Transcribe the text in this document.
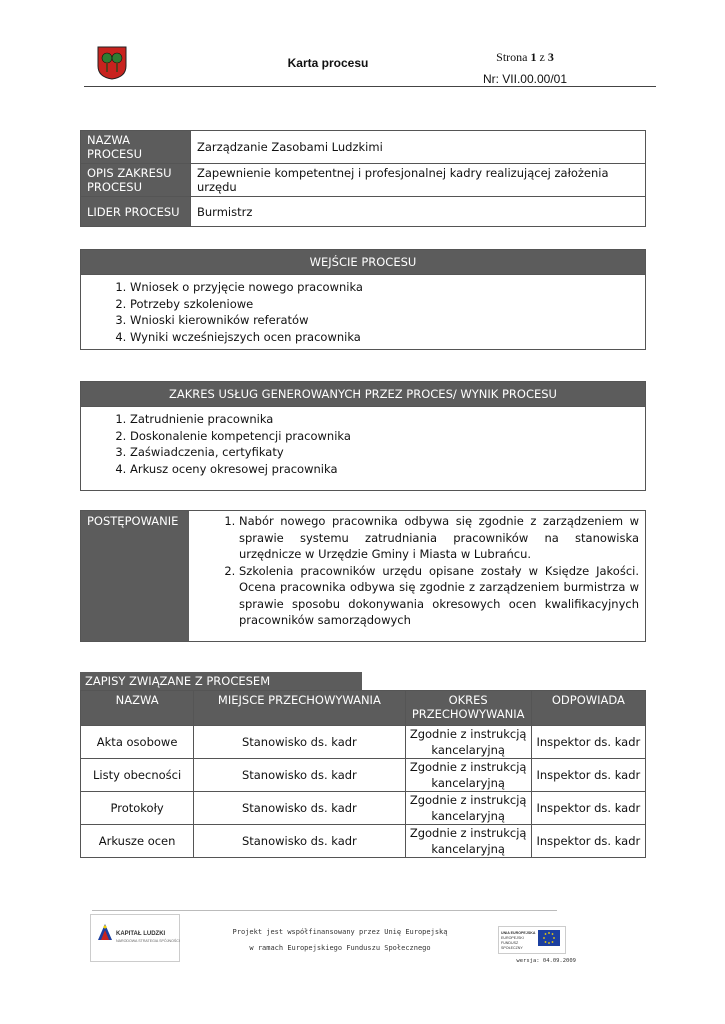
Karta procesu	Strona 1 z 3
Nr: VII.00.00/01
NAZWA PROCESU	Zarządzanie Zasobami Ludzkimi

OPIS ZAKRESU
PROCESU	Zapewnienie kompetentnej i profesjonalnej kadry realizującej założenia urzędu
LIDER PROCESU	Burmistrz
WEJŚCIE PROCESU
1. Wniosek o przyjęcie nowego pracownika
2. Potrzeby szkoleniowe
3. Wnioski kierowników referatów
4. Wyniki wcześniejszych ocen pracownika
ZAKRES USŁUG GENEROWANYCH PRZEZ PROCES/ WYNIK PROCESU
1. Zatrudnienie pracownika
2. Doskonalenie kompetencji pracownika
3. Zaświadczenia, certyfikaty
4. Arkusz oceny okresowej pracownika
POSTĘPOWANIE	1. Nabór nowego pracownika odbywa się zgodnie z zarządzeniem w sprawie systemu zatrudniania pracowników na stanowiska urzędnicze w Urzędzie Gminy i Miasta w Lubrańcu.
2. Szkolenia pracowników urzędu opisane zostały w Księdze Jakości. Ocena pracownika odbywa się zgodnie z zarządzeniem burmistrza w sprawie sposobu dokonywania okresowych ocen kwalifikacyjnych pracowników samorządowych
ZAPISY ZWIĄZANE Z PROCESEM
NAZWA	MIEJSCE PRZECHOWYWANIA	OKRES PRZECHOWYWANIA	ODPOWIADA
Akta osobowe	Stanowisko ds. kadr	Zgodnie z instrukcją kancelaryjną	Inspektor ds. kadr
Listy obecności	Stanowisko ds. kadr	Zgodnie z instrukcją kancelaryjną	Inspektor ds. kadr
Protokoły	Stanowisko ds. kadr	Zgodnie z instrukcją kancelaryjną	Inspektor ds. kadr
Arkusze ocen	Stanowisko ds. kadr	Zgodnie z instrukcją kancelaryjną	Inspektor ds. kadr
KAPITAŁ LUDZKI
NARODOWA STRATEGIA SPÓJNOŚCI
Projekt jest współfinansowany przez Unię Europejską
w ramach Europejskiego Funduszu Społecznego
UNIA EUROPEJSKA
EUROPEJSKI FUNDUSZ SPOŁECZNY
wersja: 04.09.2009
